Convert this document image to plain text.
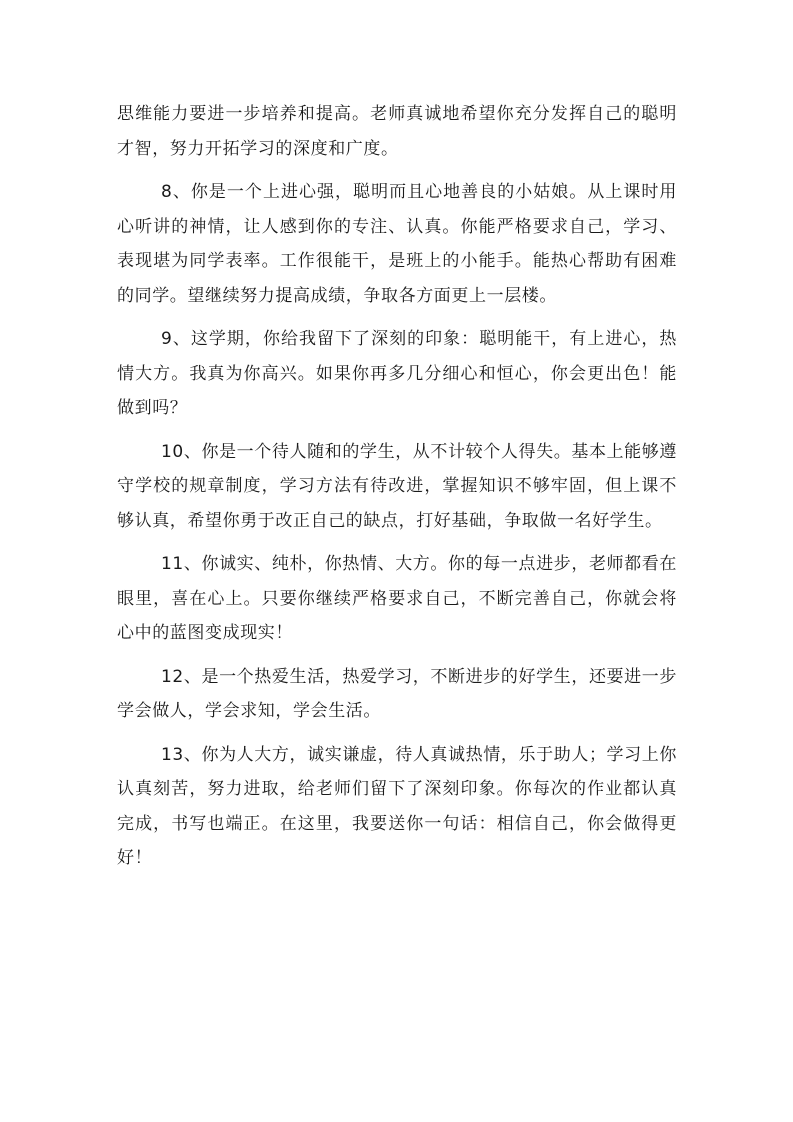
思维能力要进一步培养和提高。老师真诚地希望你充分发挥自己的聪明才智，努力开拓学习的深度和广度。

8、你是一个上进心强，聪明而且心地善良的小姑娘。从上课时用心听讲的神情，让人感到你的专注、认真。你能严格要求自己，学习、表现堪为同学表率。工作很能干，是班上的小能手。能热心帮助有困难的同学。望继续努力提高成绩，争取各方面更上一层楼。

9、这学期，你给我留下了深刻的印象：聪明能干，有上进心，热情大方。我真为你高兴。如果你再多几分细心和恒心，你会更出色！能做到吗？

10、你是一个待人随和的学生，从不计较个人得失。基本上能够遵守学校的规章制度，学习方法有待改进，掌握知识不够牢固，但上课不够认真，希望你勇于改正自己的缺点，打好基础，争取做一名好学生。

11、你诚实、纯朴，你热情、大方。你的每一点进步，老师都看在眼里，喜在心上。只要你继续严格要求自己，不断完善自己，你就会将心中的蓝图变成现实！

12、是一个热爱生活，热爱学习，不断进步的好学生，还要进一步学会做人，学会求知，学会生活。

13、你为人大方，诚实谦虚，待人真诚热情，乐于助人；学习上你认真刻苦，努力进取，给老师们留下了深刻印象。你每次的作业都认真完成，书写也端正。在这里，我要送你一句话：相信自己，你会做得更好！
